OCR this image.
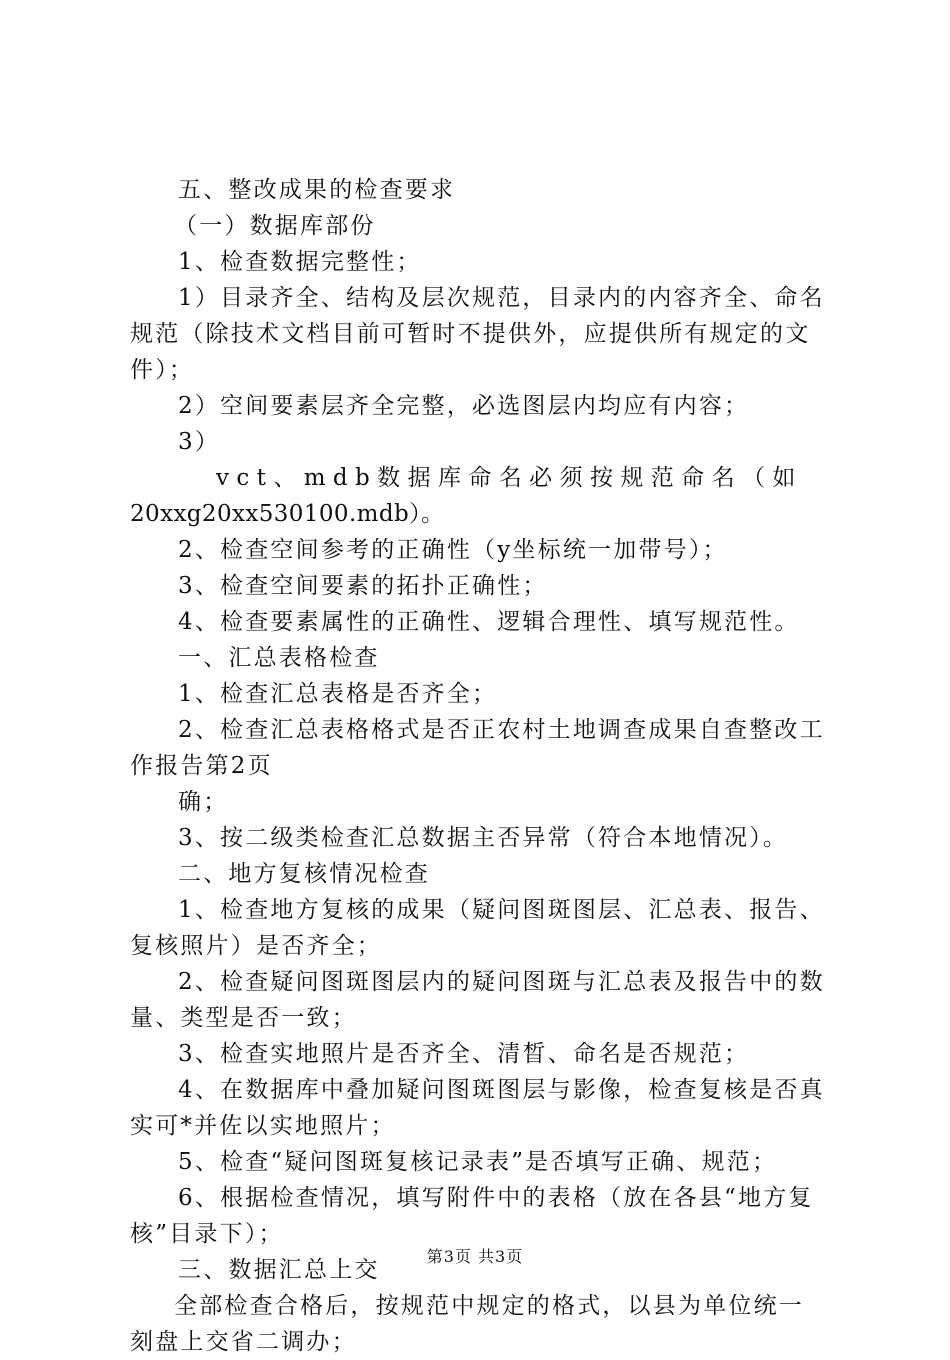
五、整改成果的检查要求
（一）数据库部份
1、检查数据完整性；
1）目录齐全、结构及层次规范，目录内的内容齐全、命名
规范（除技术文档目前可暂时不提供外，应提供所有规定的文
件）；
2）空间要素层齐全完整，必选图层内均应有内容；
3）
vct、mdb数据库命名必须按规范命名（如
20xxg20xx530100.mdb）。
2、检查空间参考的正确性（y坐标统一加带号）；
3、检查空间要素的拓扑正确性；
4、检查要素属性的正确性、逻辑合理性、填写规范性。
一、汇总表格检查
1、检查汇总表格是否齐全；
2、检查汇总表格格式是否正农村土地调查成果自查整改工
作报告第2页
确；
3、按二级类检查汇总数据主否异常（符合本地情况）。
二、地方复核情况检查
1、检查地方复核的成果（疑问图斑图层、汇总表、报告、
复核照片）是否齐全；
2、检查疑问图斑图层内的疑问图斑与汇总表及报告中的数
量、类型是否一致；
3、检查实地照片是否齐全、清晳、命名是否规范；
4、在数据库中叠加疑问图斑图层与影像，检查复核是否真
实可*并佐以实地照片；
5、检查“疑问图斑复核记录表”是否填写正确、规范；
6、根据检查情况，填写附件中的表格（放在各县“地方复
核”目录下）；
三、数据汇总上交
全部检查合格后，按规范中规定的格式，以县为单位统一
刻盘上交省二调办；
第3页 共3页
